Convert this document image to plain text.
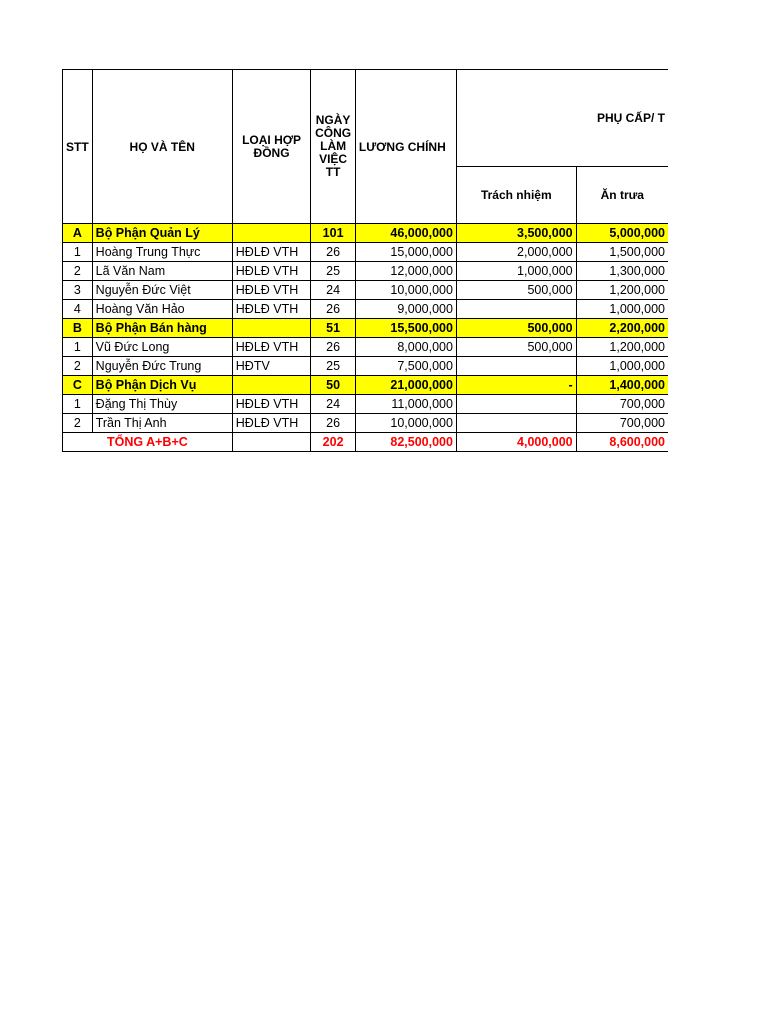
STT	HỌ VÀ TÊN	LOẠI HỢP ĐỒNG	NGÀY CÔNG LÀM VIỆC TT	LƯƠNG CHÍNH	PHỤ CẤP/ T	
					Trách nhiệm	Ăn trưa
A	Bộ Phận Quản Lý		101	46,000,000	3,500,000	5,000,000
1	Hoàng Trung Thực	HĐLĐ VTH	26	15,000,000	2,000,000	1,500,000
2	Lã Văn Nam	HĐLĐ VTH	25	12,000,000	1,000,000	1,300,000
3	Nguyễn Đức Việt	HĐLĐ VTH	24	10,000,000	500,000	1,200,000
4	Hoàng Văn Hảo	HĐLĐ VTH	26	9,000,000		1,000,000
B	Bộ Phận Bán hàng		51	15,500,000	500,000	2,200,000
1	Vũ Đức Long	HĐLĐ VTH	26	8,000,000	500,000	1,200,000
2	Nguyễn Đức Trung	HĐTV	25	7,500,000		1,000,000
C	Bộ Phận Dịch Vụ		50	21,000,000	-	1,400,000
1	Đặng Thị Thùy	HĐLĐ VTH	24	11,000,000		700,000
2	Trần Thị Anh	HĐLĐ VTH	26	10,000,000		700,000
TỔNG A+B+C			202	82,500,000	4,000,000	8,600,000
